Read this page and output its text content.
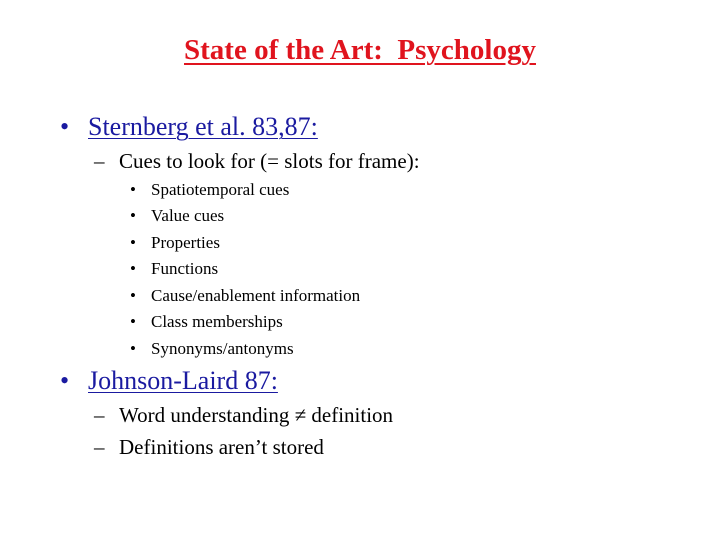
State of the Art:  Psychology
• Sternberg et al. 83,87:
– Cues to look for (= slots for frame):
• Spatiotemporal cues
• Value cues
• Properties
• Functions
• Cause/enablement information
• Class memberships
• Synonyms/antonyms
• Johnson-Laird 87:
– Word understanding ≠ definition
– Definitions aren’t stored
